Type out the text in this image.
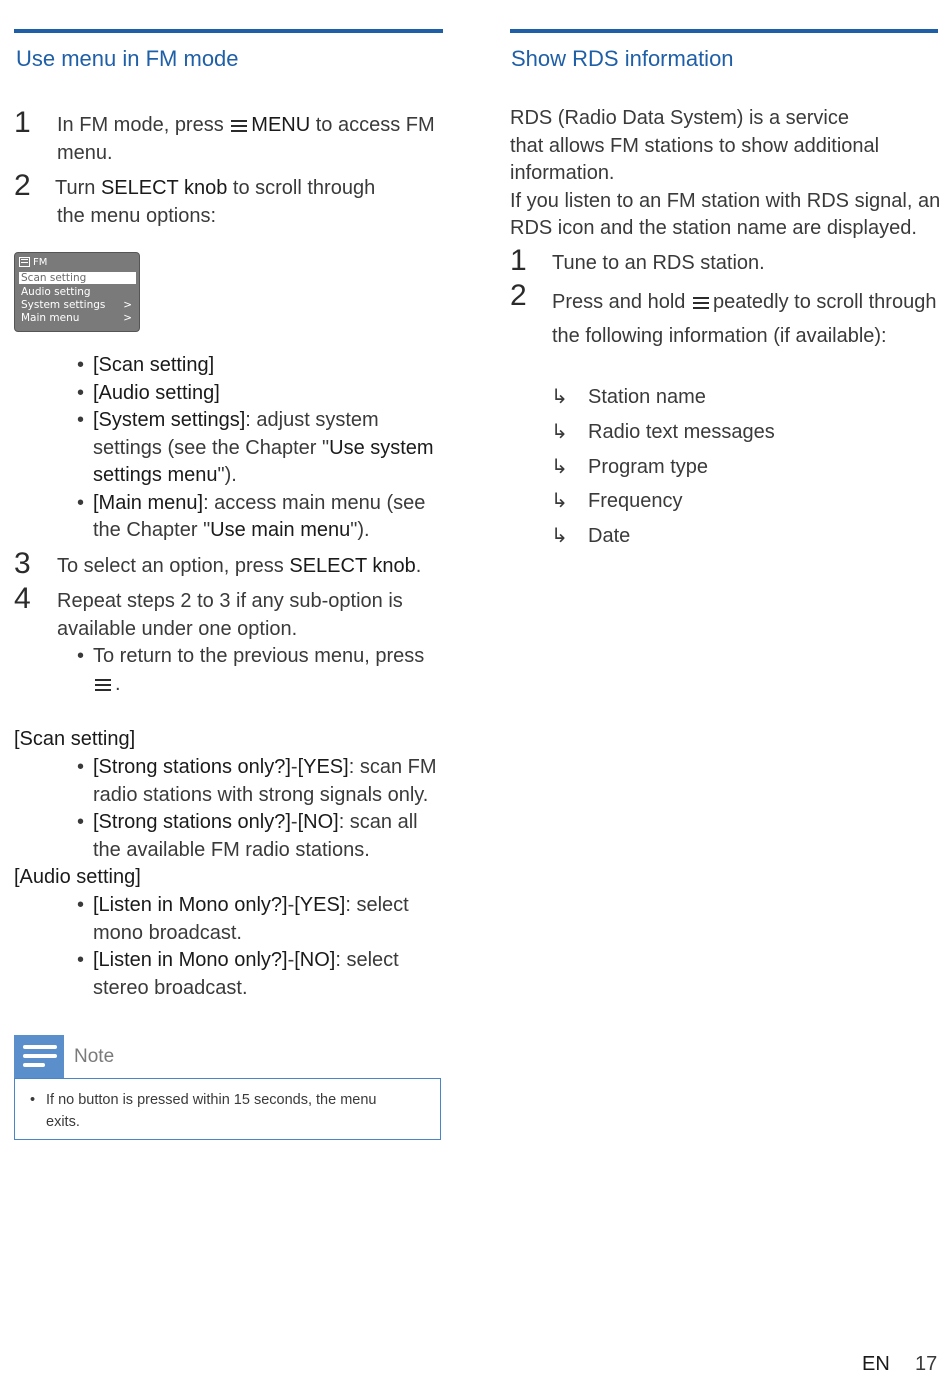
Use menu in FM mode
1 In FM mode, press MENU to access FM
menu.
2 Turn SELECT knob to scroll through
the menu options:
FM
Scan setting
Audio setting
System settings >
Main menu	>
• [Scan setting]
• [Audio setting]
• [System settings]: adjust system
settings (see the Chapter "Use system
settings menu").
• [Main menu]: access main menu (see
the Chapter "Use main menu").
3 To select an option, press SELECT knob.
4 Repeat steps 2 to 3 if any sub-option is
available under one option.
• To return to the previous menu, press
.
[Scan setting]
• [Strong stations only?]-[YES]: scan FM
radio stations with strong signals only.
• [Strong stations only?]-[NO]: scan all
the available FM radio stations.
[Audio setting]
• [Listen in Mono only?]-[YES]: select
mono broadcast.
• [Listen in Mono only?]-[NO]: select
stereo broadcast.
Note
• If no button is pressed within 15 seconds, the menu
exits.
Show RDS information
RDS (Radio Data System) is a service
that allows FM stations to show additional
information.
If you listen to an FM station with RDS signal, an
RDS icon and the station name are displayed.
1 Tune to an RDS station.
2 Press and hold peatedly to scroll through
the following information (if available):
↳ Station name
↳ Radio text messages
↳ Program type
↳ Frequency
↳ Date
EN 17
